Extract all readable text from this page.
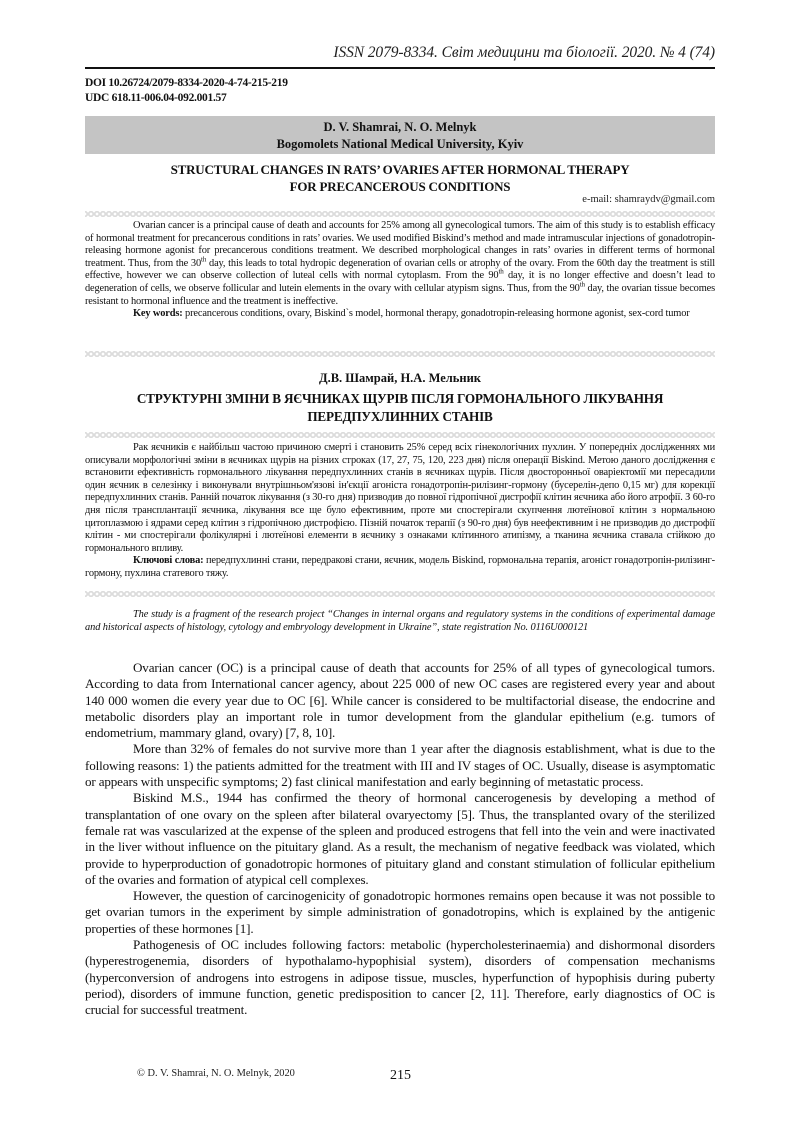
ISSN 2079-8334. Світ медицини та біології. 2020. № 4 (74)
DOI 10.26724/2079-8334-2020-4-74-215-219
UDC 618.11-006.04-092.001.57
D. V. Shamrai, N. O. Melnyk
Bogomolets National Medical University, Kyiv
STRUCTURAL CHANGES IN RATS’ OVARIES AFTER HORMONAL THERAPY
FOR PRECANCEROUS CONDITIONS
e-mail: shamraydv@gmail.com

Ovarian cancer is a principal cause of death and accounts for 25% among all gynecological tumors. The aim of this study is to establish efficacy of hormonal treatment for precancerous conditions in rats’ ovaries. We used modified Biskind’s method and made intramuscular injections of gonadotropin-releasing hormone agonist for precancerous conditions treatment. We described morphological changes in rats’ ovaries in different terms of hormonal treatment. Thus, from the 30th day, this leads to total hydropic degeneration of ovarian cells or atrophy of the ovary. From the 60th day the treatment is still effective, however we can observe collection of luteal cells with normal cytoplasm. From the 90th day, it is no longer effective and doesn’t lead to degeneration of cells, we observe follicular and lutein elements in the ovary with cellular atypism signs. Thus, from the 90th day, the ovarian tissue becomes resistant to hormonal influence and the treatment is ineffective.

Key words: precancerous conditions, ovary, Biskind`s model, hormonal therapy, gonadotropin-releasing hormone agonist, sex-cord tumor

Д.В. Шамрай, Н.А. Мельник
СТРУКТУРНІ ЗМІНИ В ЯЄЧНИКАХ ЩУРІВ ПІСЛЯ ГОРМОНАЛЬНОГО ЛІКУВАННЯ
ПЕРЕДПУХЛИННИХ СТАНІВ

Рак яєчників є найбільш частою причиною смерті і становить 25% серед всіх гінекологічних пухлин. У попередніх дослідженнях ми описували морфологічні зміни в яєчниках щурів на різних строках (17, 27, 75, 120, 223 дня) після операції Biskind. Метою даного дослідження є встановити ефективність гормонального лікування передпухлинних станів в яєчниках щурів. Після двосторонньої оваріектомії ми пересадили один яєчник в селезінку і виконували внутрішньом'язові ін'єкції агоніста гонадотропін-рилізинг-гормону (бусерелін-депо 0,15 мг) для корекції передпухлинних станів. Ранній початок лікування (з 30-го дня) призводив до повної гідропічної дистрофії клітин яєчника або його атрофії. З 60-го дня після трансплантації яєчника, лікування все ще було ефективним, проте ми спостерігали скупчення лютеїнової клітин з нормальною цитоплазмою і ядрами серед клітин з гідропічною дистрофією. Пізній початок терапії (з 90-го дня) був неефективним і не призводив до дистрофії клітин - ми спостерігали фолікулярні і лютеїнові елементи в яєчнику з ознаками клітинного атипізму, а тканина яєчника ставала стійкою до гормонального впливу.

Ключові слова: передпухлинні стани, передракові стани, яєчник, модель Biskind, гормональна терапія, агоніст гонадотропін-рилізинг-гормону, пухлина статевого тяжу.

The study is a fragment of the research project “Changes in internal organs and regulatory systems in the conditions of experimental damage and historical aspects of histology, cytology and embryology development in Ukraine”, state registration No. 0116U000121

Ovarian cancer (OC) is a principal cause of death that accounts for 25% of all types of gynecological tumors. According to data from International cancer agency, about 225 000 of new OC cases are registered every year and about 140 000 women die every year due to OC [6]. While cancer is considered to be multifactorial disease, the endocrine and metabolic disorders play an important role in tumor development from the glandular epithelium (e.g. tumors of endometrium, mammary gland, ovary) [7, 8, 10].

More than 32% of females do not survive more than 1 year after the diagnosis establishment, what is due to the following reasons: 1) the patients admitted for the treatment with III and IV stages of OC. Usually, disease is asymptomatic or appears with unspecific symptoms; 2) fast clinical manifestation and early beginning of metastatic process.

Biskind M.S., 1944 has confirmed the theory of hormonal cancerogenesis by developing a method of transplantation of one ovary on the spleen after bilateral ovaryectomy [5]. Thus, the transplanted ovary of the sterilized female rat was vascularized at the expense of the spleen and produced estrogens that fell into the vein and were inactivated in the liver without influence on the pituitary gland. As a result, the mechanism of negative feedback was violated, which provide to hyperproduction of gonadotropic hormones of pituitary gland and constant stimulation of follicular epithelium of the ovaries and formation of atypical cell complexes.

However, the question of carcinogenicity of gonadotropic hormones remains open because it was not possible to get ovarian tumors in the experiment by simple administration of gonadotropins, which is explained by the antigenic properties of these hormones [1].

Pathogenesis of OC includes following factors: metabolic (hypercholesterinaemia) and dishormonal disorders (hyperestrogenemia, disorders of hypothalamo-hypophisial system), disorders of compensation mechanisms (hyperconversion of androgens into estrogens in adipose tissue, muscles, hyperfunction of hypophisis during puberty period), disorders of immune function, genetic predisposition to cancer [2, 11]. Therefore, early diagnostics of OC is crucial for successful treatment.

© D. V. Shamrai, N. O. Melnyk, 2020	215
